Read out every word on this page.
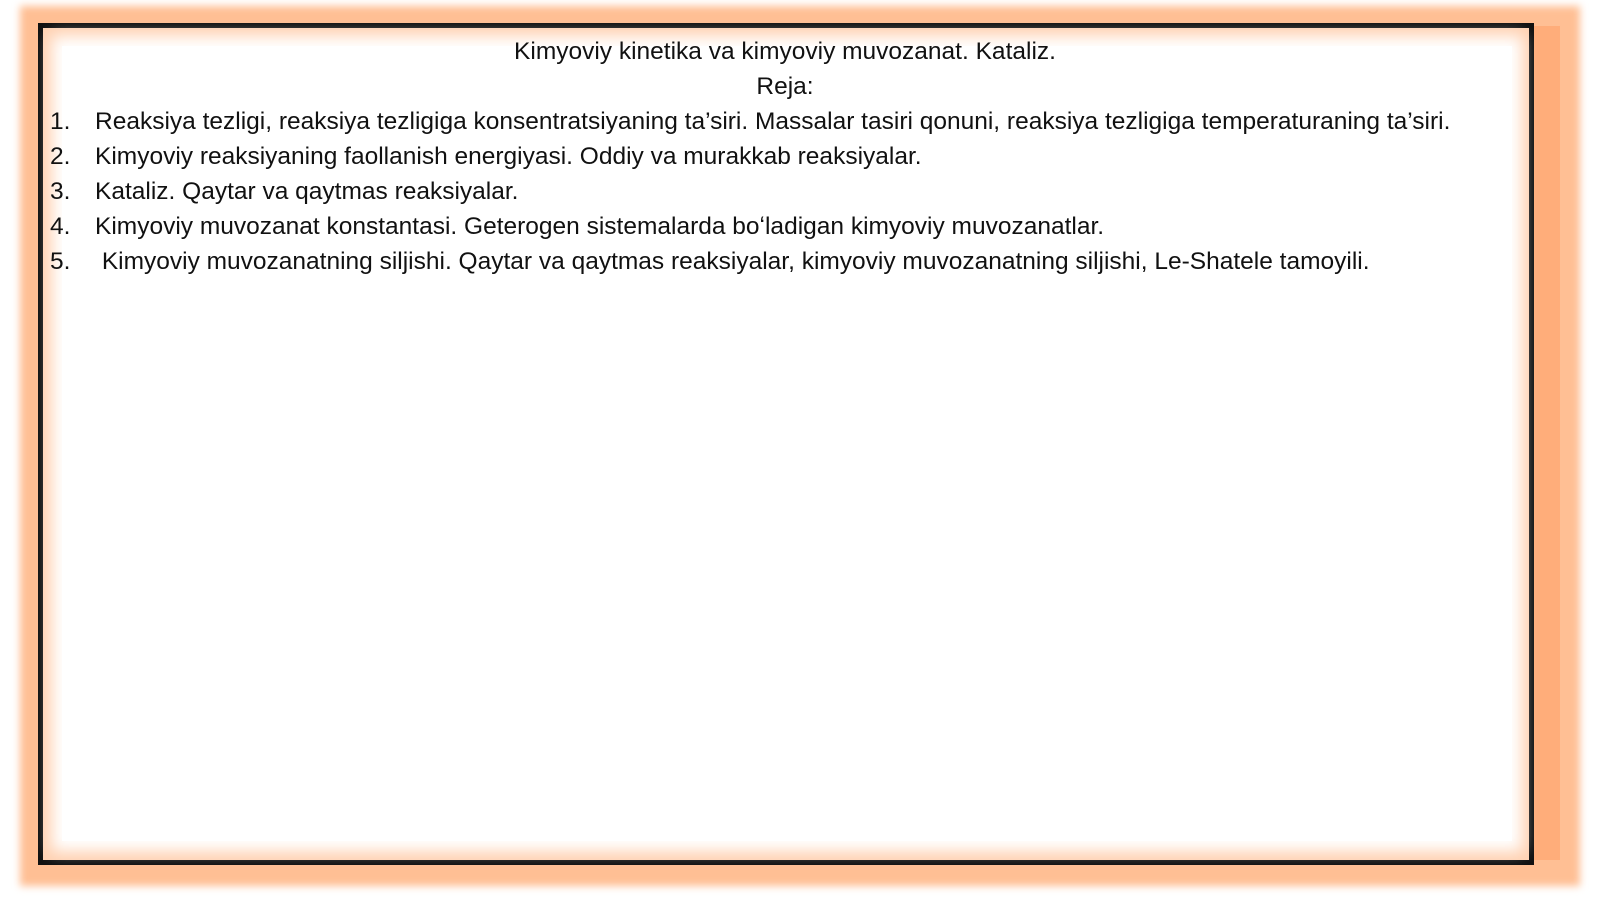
Kimyoviy kinetika va kimyoviy muvozanat. Kataliz.
Reja:
1. Reaksiya tezligi, reaksiya tezligiga konsentratsiyaning ta’siri. Massalar tasiri qonuni, reaksiya tezligiga temperaturaning ta’siri.
2. Kimyoviy reaksiyaning faollanish energiyasi. Oddiy va murakkab reaksiyalar.
3. Kataliz. Qaytar va qaytmas reaksiyalar.
4. Kimyoviy muvozanat konstantasi. Geterogen sistemalarda boʻladigan kimyoviy muvozanatlar.
5. Kimyoviy muvozanatning siljishi. Qaytar va qaytmas reaksiyalar, kimyoviy muvozanatning siljishi, Le-Shatele tamoyili.
